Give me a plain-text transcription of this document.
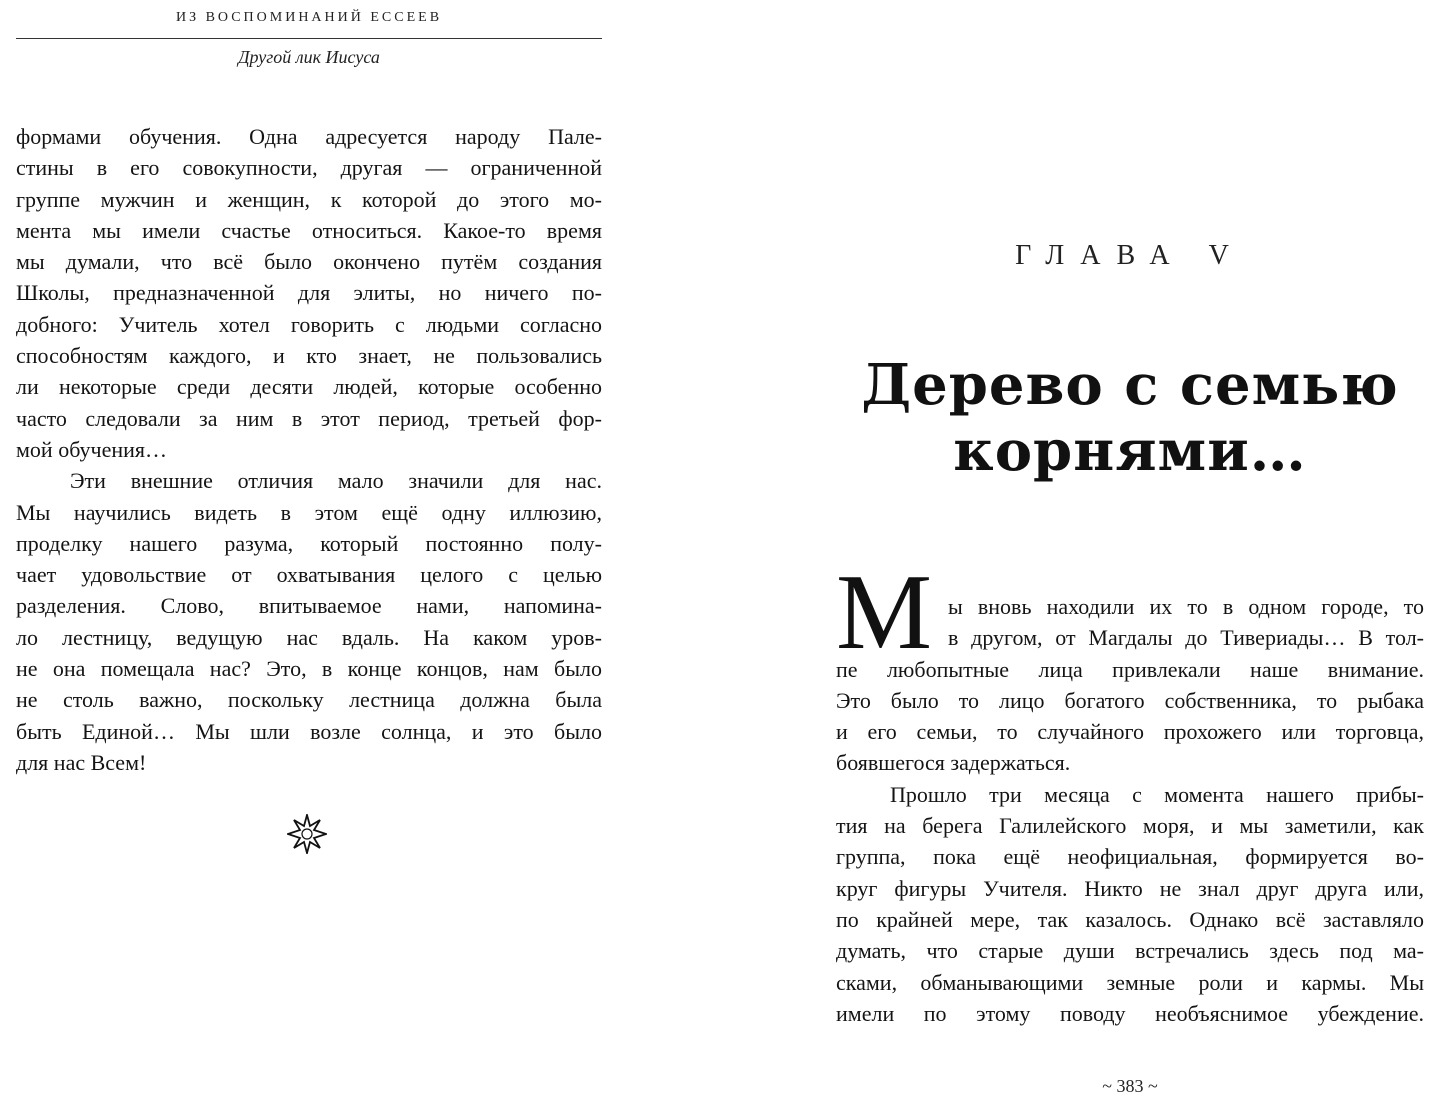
ИЗ ВОСПОМИНАНИЙ ЕССЕЕВ
Другой лик Иисуса
формами обучения. Одна адресуется народу Пале-
стины в его совокупности, другая — ограниченной
группе мужчин и женщин, к которой до этого мо-
мента мы имели счастье относиться. Какое-то время
мы думали, что всё было окончено путём создания
Школы, предназначенной для элиты, но ничего по-
добного: Учитель хотел говорить с людьми согласно
способностям каждого, и кто знает, не пользовались
ли некоторые среди десяти людей, которые особенно
часто следовали за ним в этот период, третьей фор-
мой обучения…
Эти внешние отличия мало значили для нас.
Мы научились видеть в этом ещё одну иллюзию,
проделку нашего разума, который постоянно полу-
чает удовольствие от охватывания целого с целью
разделения. Слово, впитываемое нами, напомина-
ло лестницу, ведущую нас вдаль. На каком уров-
не она помещала нас? Это, в конце концов, нам было
не столь важно, поскольку лестница должна была
быть Единой… Мы шли возле солнца, и это было
для нас Всем!
ГЛАВА V
Дерево с семью
корнями…
М ы вновь находили их то в одном городе, то
в другом, от Магдалы до Тивериады… В тол-
пе любопытные лица привлекали наше внимание.
Это было то лицо богатого собственника, то рыбака
и его семьи, то случайного прохожего или торговца,
боявшегося задержаться.
Прошло три месяца с момента нашего прибы-
тия на берега Галилейского моря, и мы заметили, как
группа, пока ещё неофициальная, формируется во-
круг фигуры Учителя. Никто не знал друг друга или,
по крайней мере, так казалось. Однако всё заставляло
думать, что старые души встречались здесь под ма-
сками, обманывающими земные роли и кармы. Мы
имели по этому поводу необъяснимое убеждение.
~ 383 ~
